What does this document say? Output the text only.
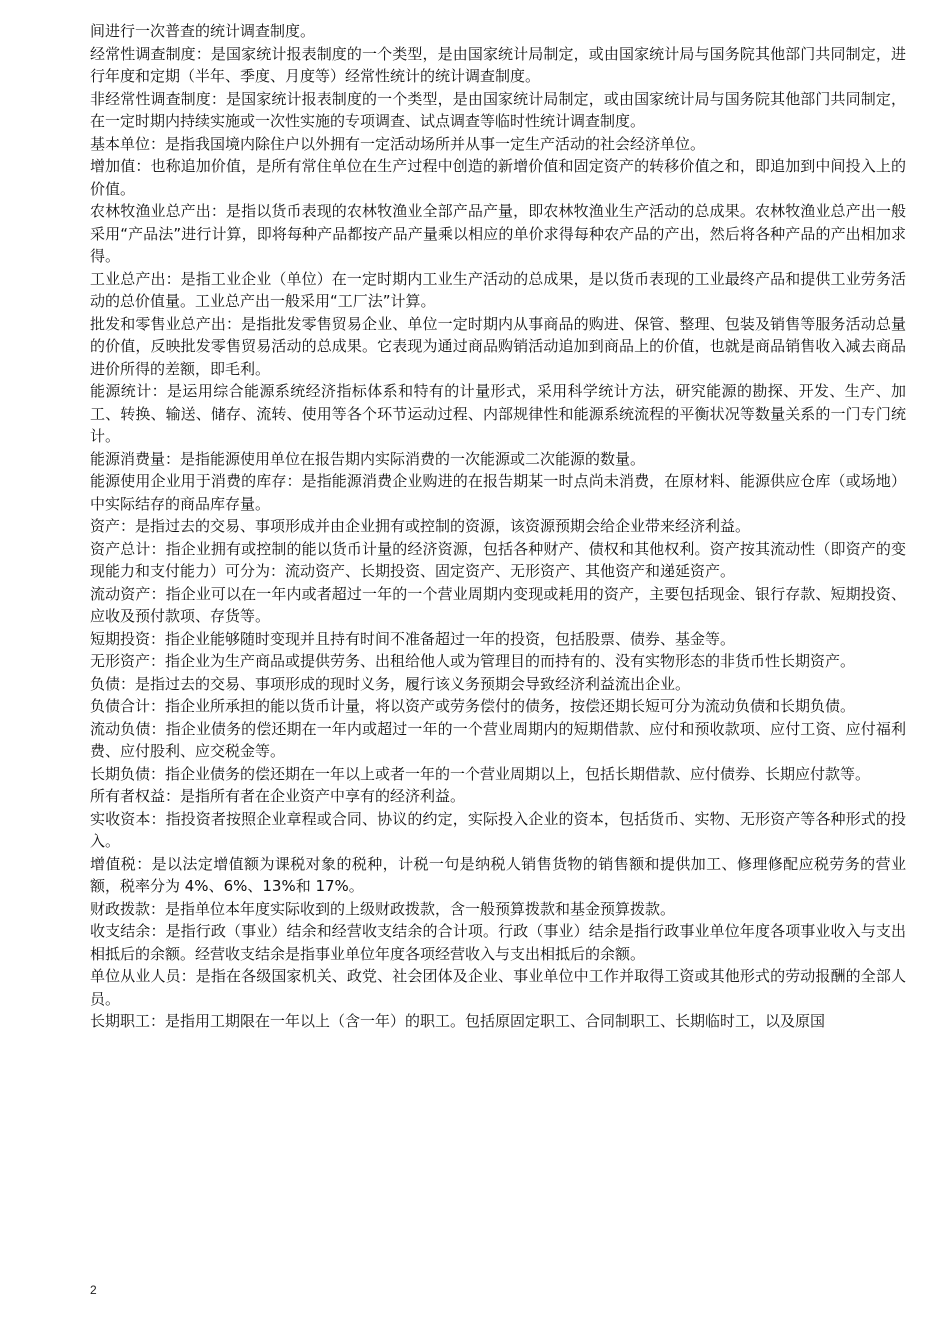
间进行一次普查的统计调查制度。

经常性调查制度：是国家统计报表制度的一个类型，是由国家统计局制定，或由国家统计局与国务院其他部门共同制定，进行年度和定期（半年、季度、月度等）经常性统计的统计调查制度。

非经常性调查制度：是国家统计报表制度的一个类型，是由国家统计局制定，或由国家统计局与国务院其他部门共同制定，在一定时期内持续实施或一次性实施的专项调查、试点调查等临时性统计调查制度。

基本单位：是指我国境内除住户以外拥有一定活动场所并从事一定生产活动的社会经济单位。

增加值：也称追加价值，是所有常住单位在生产过程中创造的新增价值和固定资产的转移价值之和，即追加到中间投入上的价值。

农林牧渔业总产出：是指以货币表现的农林牧渔业全部产品产量，即农林牧渔业生产活动的总成果。农林牧渔业总产出一般采用“产品法”进行计算，即将每种产品都按产品产量乘以相应的单价求得每种农产品的产出，然后将各种产品的产出相加求得。

工业总产出：是指工业企业（单位）在一定时期内工业生产活动的总成果，是以货币表现的工业最终产品和提供工业劳务活动的总价值量。工业总产出一般采用“工厂法”计算。

批发和零售业总产出：是指批发零售贸易企业、单位一定时期内从事商品的购进、保管、整理、包装及销售等服务活动总量的价值，反映批发零售贸易活动的总成果。它表现为通过商品购销活动追加到商品上的价值，也就是商品销售收入减去商品进价所得的差额，即毛利。

能源统计：是运用综合能源系统经济指标体系和特有的计量形式，采用科学统计方法，研究能源的勘探、开发、生产、加工、转换、输送、储存、流转、使用等各个环节运动过程、内部规律性和能源系统流程的平衡状况等数量关系的一门专门统计。

能源消费量：是指能源使用单位在报告期内实际消费的一次能源或二次能源的数量。

能源使用企业用于消费的库存：是指能源消费企业购进的在报告期某一时点尚未消费，在原材料、能源供应仓库（或场地）中实际结存的商品库存量。

资产：是指过去的交易、事项形成并由企业拥有或控制的资源，该资源预期会给企业带来经济利益。

资产总计：指企业拥有或控制的能以货币计量的经济资源，包括各种财产、债权和其他权利。资产按其流动性（即资产的变现能力和支付能力）可分为：流动资产、长期投资、固定资产、无形资产、其他资产和递延资产。

流动资产：指企业可以在一年内或者超过一年的一个营业周期内变现或耗用的资产，主要包括现金、银行存款、短期投资、应收及预付款项、存货等。

短期投资：指企业能够随时变现并且持有时间不准备超过一年的投资，包括股票、债券、基金等。

无形资产：指企业为生产商品或提供劳务、出租给他人或为管理目的而持有的、没有实物形态的非货币性长期资产。

负债：是指过去的交易、事项形成的现时义务，履行该义务预期会导致经济利益流出企业。

负债合计：指企业所承担的能以货币计量，将以资产或劳务偿付的债务，按偿还期长短可分为流动负债和长期负债。

流动负债：指企业债务的偿还期在一年内或超过一年的一个营业周期内的短期借款、应付和预收款项、应付工资、应付福利费、应付股利、应交税金等。

长期负债：指企业债务的偿还期在一年以上或者一年的一个营业周期以上，包括长期借款、应付债券、长期应付款等。

所有者权益：是指所有者在企业资产中享有的经济利益。

实收资本：指投资者按照企业章程或合同、协议的约定，实际投入企业的资本，包括货币、实物、无形资产等各种形式的投入。

增值税：是以法定增值额为课税对象的税种，计税一句是纳税人销售货物的销售额和提供加工、修理修配应税劳务的营业额，税率分为 4%、6%、13%和 17%。

财政拨款：是指单位本年度实际收到的上级财政拨款，含一般预算拨款和基金预算拨款。

收支结余：是指行政（事业）结余和经营收支结余的合计项。行政（事业）结余是指行政事业单位年度各项事业收入与支出相抵后的余额。经营收支结余是指事业单位年度各项经营收入与支出相抵后的余额。

单位从业人员：是指在各级国家机关、政党、社会团体及企业、事业单位中工作并取得工资或其他形式的劳动报酬的全部人员。

长期职工：是指用工期限在一年以上（含一年）的职工。包括原固定职工、合同制职工、长期临时工，以及原国

2
